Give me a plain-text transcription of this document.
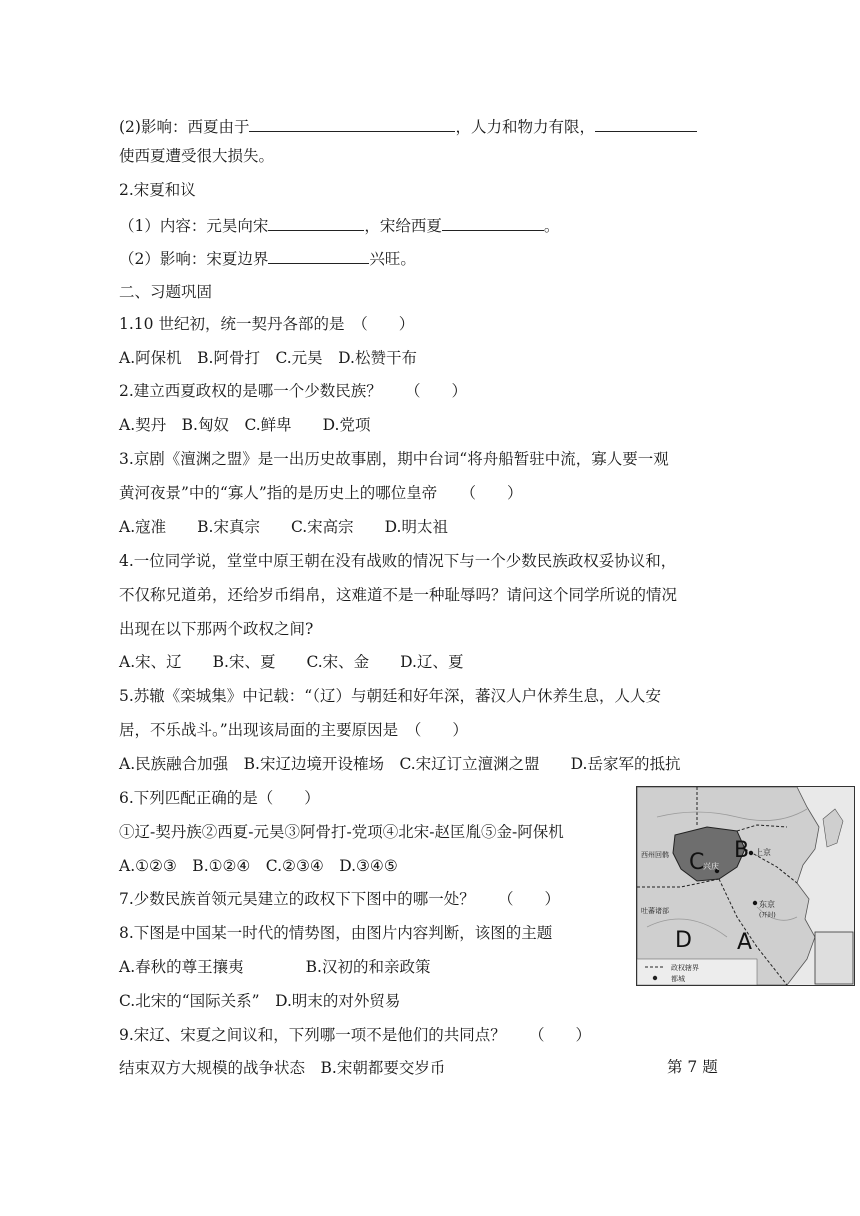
(2)影响：西夏由于	，人力和物力有限，
使西夏遭受很大损失。
2.宋夏和议
（1）内容：元昊向宋	，宋给西夏	。
（2）影响：宋夏边界	兴旺。
二、习题巩固
1.10 世纪初，统一契丹各部的是　（　　）
A.阿保机　B.阿骨打　C.元昊　D.松赞干布
2.建立西夏政权的是哪一个少数民族？　　（　　）
A.契丹　B.匈奴　C.鲜卑　　D.党项
3.京剧《澶渊之盟》是一出历史故事剧，期中台词“将舟船暂驻中流，寡人要一观
黄河夜景”中的“寡人”指的是历史上的哪位皇帝　　（　　）
A.寇准　　B.宋真宗　　C.宋高宗　　D.明太祖
4.一位同学说，堂堂中原王朝在没有战败的情况下与一个少数民族政权妥协议和，
不仅称兄道弟，还给岁币绢帛，这难道不是一种耻辱吗？请问这个同学所说的情况
出现在以下那两个政权之间?
A.宋、辽　　B.宋、夏　　C.宋、金　　D.辽、夏
5.苏辙《栾城集》中记载：“（辽）与朝廷和好年深，蕃汉人户休养生息，人人安
居，不乐战斗。”出现该局面的主要原因是　（　　）
A.民族融合加强　B.宋辽边境开设榷场　C.宋辽订立澶渊之盟　　D.岳家军的抵抗
6.下列匹配正确的是（　　）
①辽-契丹族②西夏-元昊③阿骨打-党项④北宋-赵匡胤⑤金-阿保机
A.①②③　B.①②④　C.②③④　D.③④⑤
7.少数民族首领元昊建立的政权下下图中的哪一处？　　（　　）
8.下图是中国某一时代的情势图，由图片内容判断，该图的主题
A.春秋的尊王攘夷　　　　B.汉初的和亲政策
C.北宋的“国际关系”　D.明末的对外贸易
9.宋辽、宋夏之间议和，下列哪一项不是他们的共同点？　　（　　）
结束双方大规模的战争状态　B.宋朝都要交岁币
政权辖界
都城
B
C
D A
兴庆
上京
东京
(开封)
西州回鹘
吐蕃诸部
第 7 题
